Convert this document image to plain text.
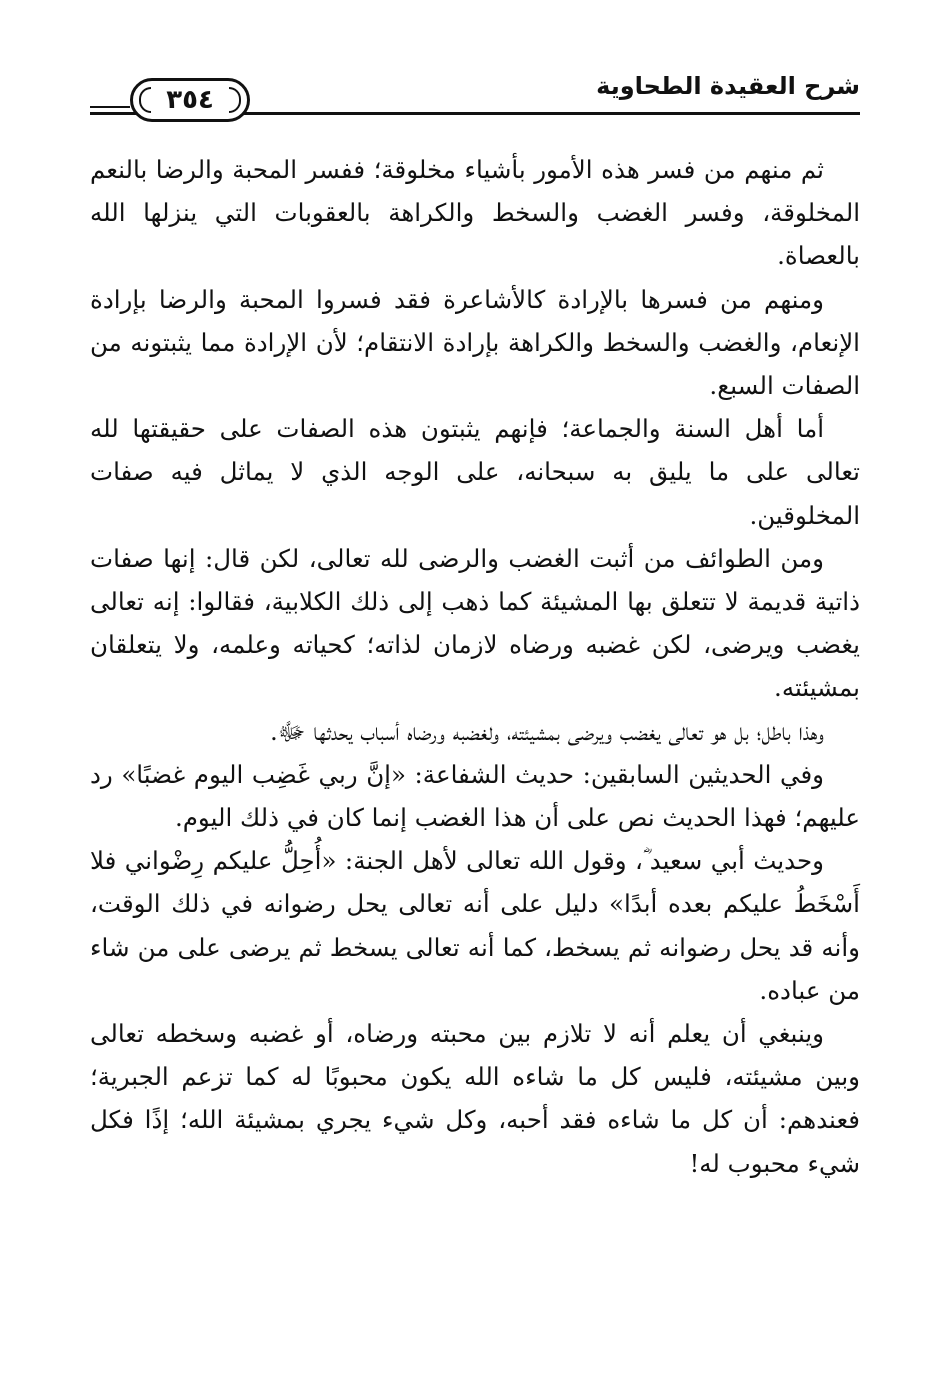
٣٥٤	شرح العقيدة الطحاوية

ثم منهم من فسر هذه الأمور بأشياء مخلوقة؛ ففسر المحبة والرضا بالنعم المخلوقة، وفسر الغضب والسخط والكراهة بالعقوبات التي ينزلها الله بالعصاة.

ومنهم من فسرها بالإرادة كالأشاعرة فقد فسروا المحبة والرضا بإرادة الإنعام، والغضب والسخط والكراهة بإرادة الانتقام؛ لأن الإرادة مما يثبتونه من الصفات السبع.

أما أهل السنة والجماعة؛ فإنهم يثبتون هذه الصفات على حقيقتها لله تعالى على ما يليق به سبحانه، على الوجه الذي لا يماثل فيه صفات المخلوقين.

ومن الطوائف من أثبت الغضب والرضى لله تعالى، لكن قال: إنها صفات ذاتية قديمة لا تتعلق بها المشيئة كما ذهب إلى ذلك الكلابية، فقالوا: إنه تعالى يغضب ويرضى، لكن غضبه ورضاه لازمان لذاته؛ كحياته وعلمه، ولا يتعلقان بمشيئته.

وهذا باطل؛ بل هو تعالى يغضب ويرضى بمشيئته، ولغضبه ورضاه أسباب يحدثها ﷻ.

وفي الحديثين السابقين: حديث الشفاعة: «إنَّ ربي غَضِب اليوم غضبًا» رد عليهم؛ فهذا الحديث نص على أن هذا الغضب إنما كان في ذلك اليوم.

وحديث أبي سعيد ؓ، وقول الله تعالى لأهل الجنة: «أُحِلُّ عليكم رِضْواني فلا أَسْخَطُ عليكم بعده أبدًا» دليل على أنه تعالى يحل رضوانه في ذلك الوقت، وأنه قد يحل رضوانه ثم يسخط، كما أنه تعالى يسخط ثم يرضى على من شاء من عباده.

وينبغي أن يعلم أنه لا تلازم بين محبته ورضاه، أو غضبه وسخطه تعالى وبين مشيئته، فليس كل ما شاءه الله يكون محبوبًا له كما تزعم الجبرية؛ فعندهم: أن كل ما شاءه فقد أحبه، وكل شيء يجري بمشيئة الله؛ إذًا فكل شيء محبوب له!
